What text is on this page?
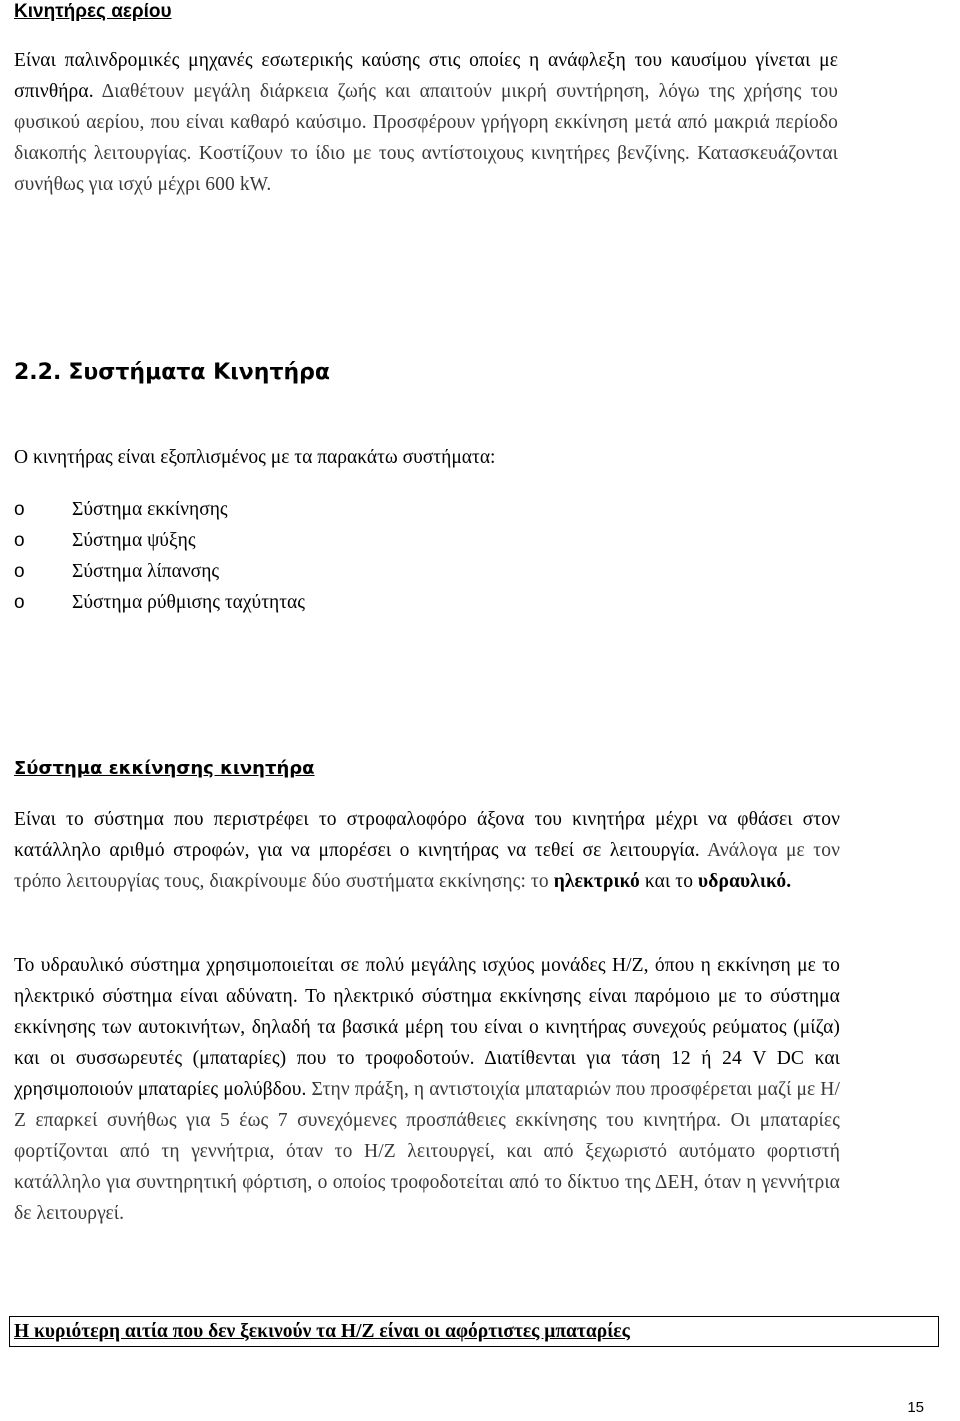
Κινητήρες αερίου

Είναι παλινδρομικές μηχανές εσωτερικής καύσης στις οποίες η ανάφλεξη του καυσίμου γίνεται με σπινθήρα. Διαθέτουν μεγάλη διάρκεια ζωής και απαιτούν μικρή συντήρηση, λόγω της χρήσης του φυσικού αερίου, που είναι καθαρό καύσιμο. Προσφέρουν γρήγορη εκκίνηση μετά από μακριά περίοδο διακοπής λειτουργίας. Κοστίζουν το ίδιο με τους αντίστοιχους κινητήρες βενζίνης. Κατασκευάζονται συνήθως για ισχύ μέχρι 600 kW.

2.2. Συστήματα Κινητήρα

Ο κινητήρας είναι εξοπλισμένος με τα παρακάτω συστήματα:

o	Σύστημα εκκίνησης
o	Σύστημα ψύξης
o	Σύστημα λίπανσης
o	Σύστημα ρύθμισης ταχύτητας

Σύστημα εκκίνησης κινητήρα

Είναι το σύστημα που περιστρέφει το στροφαλοφόρο άξονα του κινητήρα μέχρι να φθάσει στον κατάλληλο αριθμό στροφών, για να μπορέσει ο κινητήρας να τεθεί σε λειτουργία. Ανάλογα με τον τρόπο λειτουργίας τους, διακρίνουμε δύο συστήματα εκκίνησης: το ηλεκτρικό και το υδραυλικό.

Το υδραυλικό σύστημα χρησιμοποιείται σε πολύ μεγάλης ισχύος μονάδες Η/Ζ, όπου η εκκίνηση με το ηλεκτρικό σύστημα είναι αδύνατη. Το ηλεκτρικό σύστημα εκκίνησης είναι παρόμοιο με το σύστημα εκκίνησης των αυτοκινήτων, δηλαδή τα βασικά μέρη του είναι ο κινητήρας συνεχούς ρεύματος (μίζα) και οι συσσωρευτές (μπαταρίες) που το τροφοδοτούν. Διατίθενται για τάση 12 ή 24 V DC και χρησιμοποιούν μπαταρίες μολύβδου. Στην πράξη, η αντιστοιχία μπαταριών που προσφέρεται μαζί με Η/Ζ επαρκεί συνήθως για 5 έως 7 συνεχόμενες προσπάθειες εκκίνησης του κινητήρα. Οι μπαταρίες φορτίζονται από τη γεννήτρια, όταν το Η/Ζ λειτουργεί, και από ξεχωριστό αυτόματο φορτιστή κατάλληλο για συντηρητική φόρτιση, ο οποίος τροφοδοτείται από το δίκτυο της ΔΕΗ, όταν η γεννήτρια δε λειτουργεί.

Η κυριότερη αιτία που δεν ξεκινούν τα Η/Ζ είναι οι αφόρτιστες μπαταρίες

15
